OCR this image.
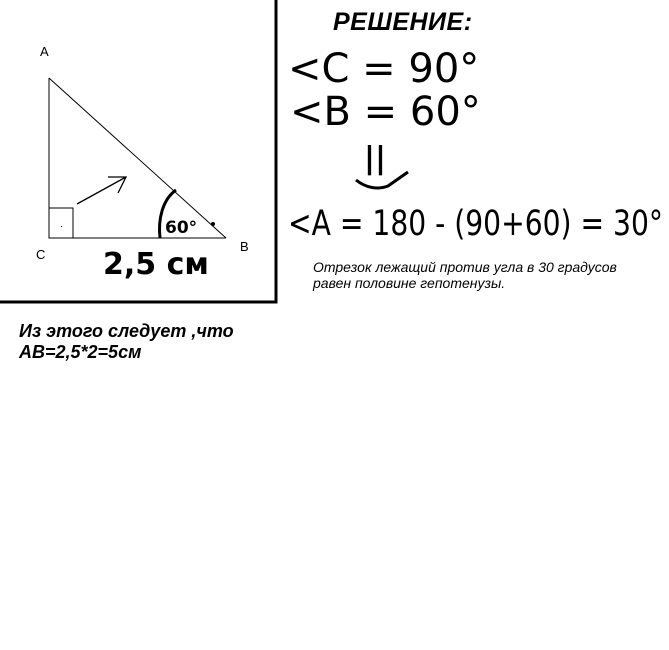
60°
2,5 см
<C = 90°
<B = 60°
||
<A = 180 - (90+60) = 30°
A
C
B
РЕШЕНИЕ:
Отрезок лежащий против угла в 30 градусов равен половине гепотенузы.
Из этого следует ,что
AB=2,5*2=5см
